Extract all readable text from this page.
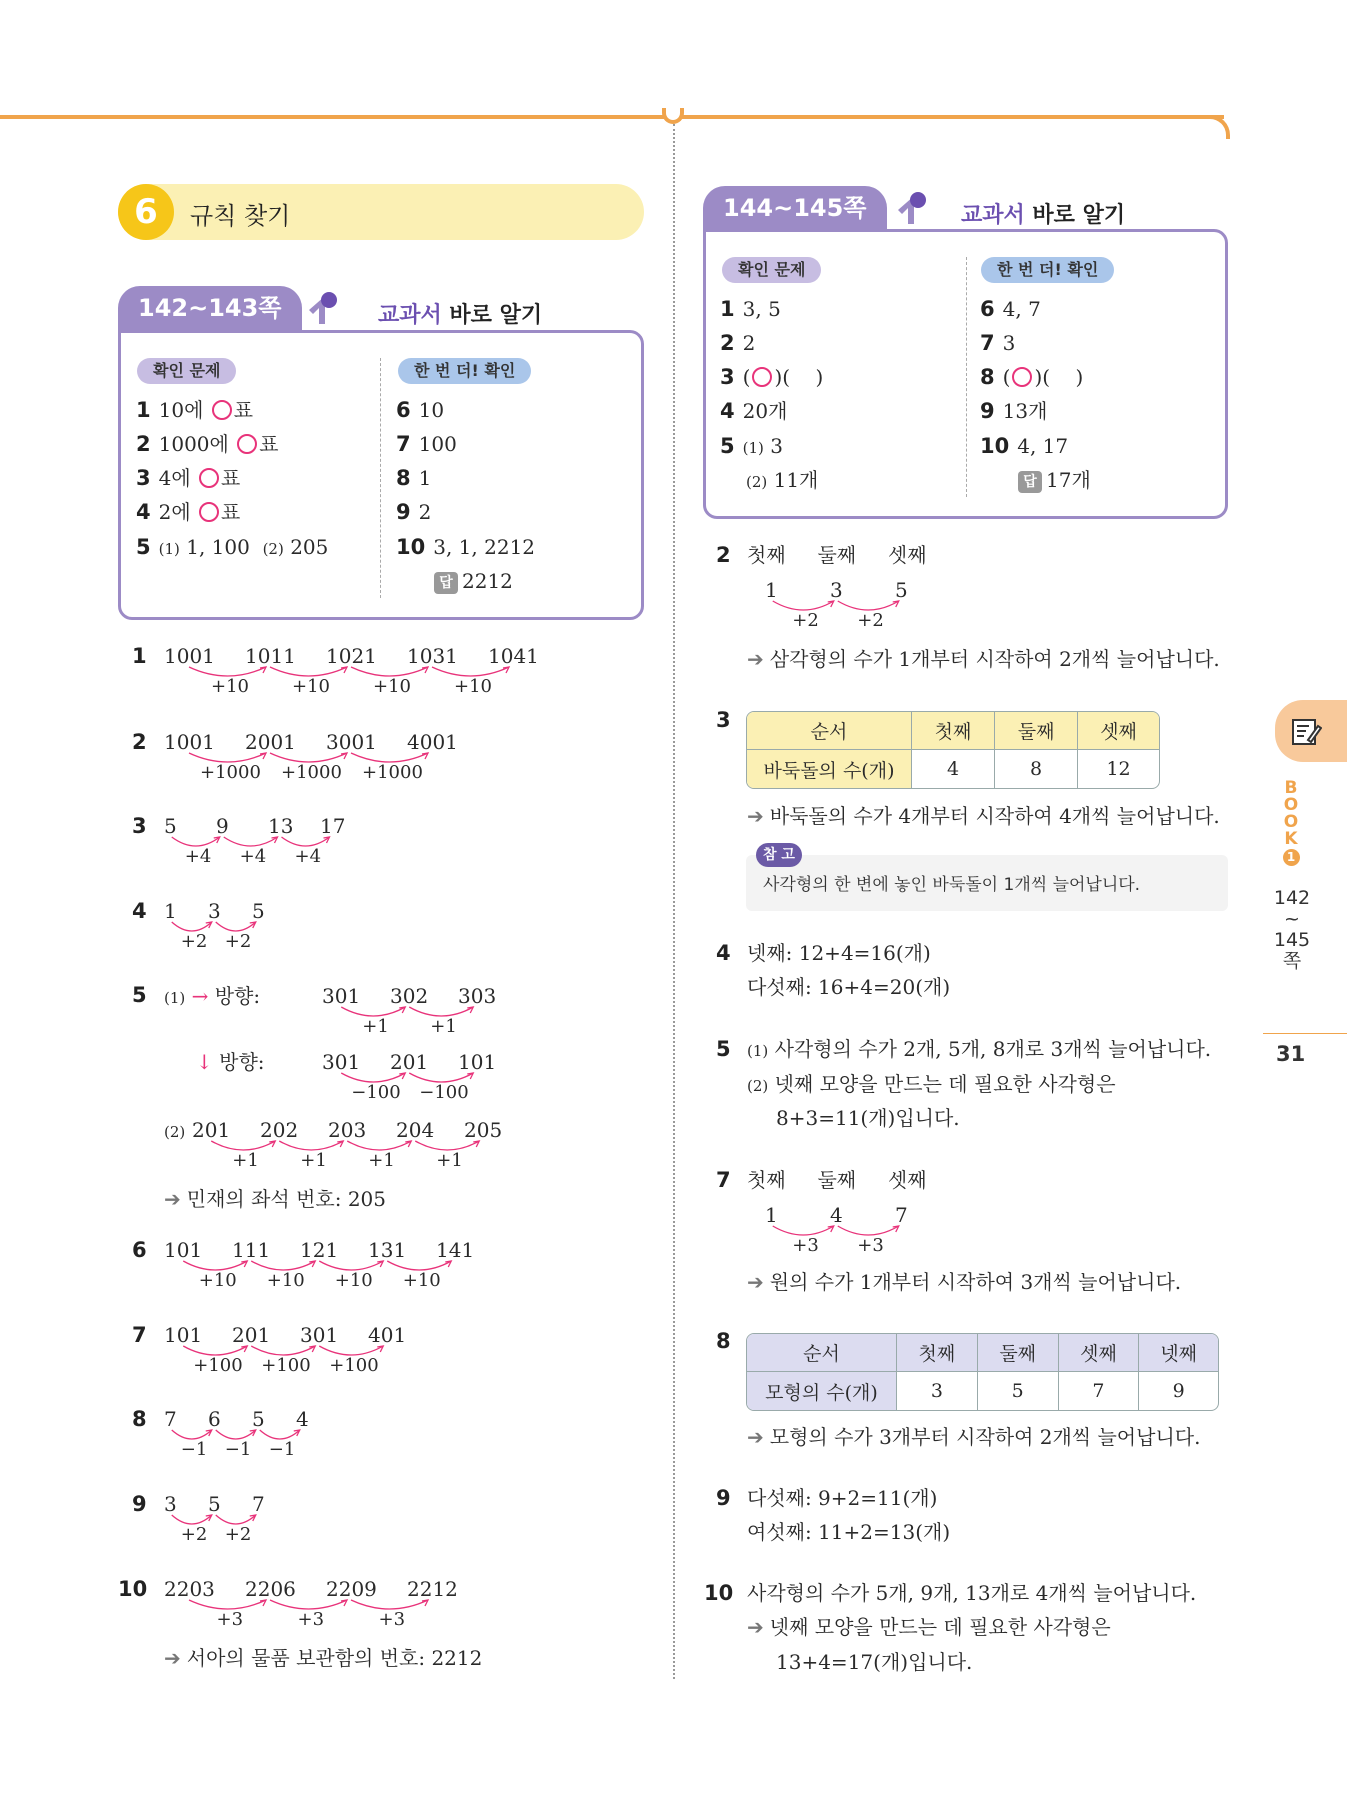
6	규칙 찾기
142~143쪽	교과서 바로 알기
확인 문제	한 번 더! 확인
1 10에 ○ 표
2 1000에 ○ 표
3 4에 ○ 표
4 2에 ○ 표
5 (1) 1, 100 (2) 205
6 10
7 100
8 1
9 2
10 3, 1, 2212
답 2212
5	(1) → 방향:
↓ 방향:
(2)
➔ 민재의 좌석 번호: 205
➔ 서아의 물품 보관함의 번호: 2212
144~145쪽	교과서 바로 알기
확인 문제	한 번 더! 확인
1 3, 5
2 2
3 ( ○ )( )
4 20개
5 (1) 3
(2) 11개
6 4, 7
7 3
8 ( ○ )( )
9 13개
10 4, 17
답 17개
2 첫째 둘째 셋째
➔ 삼각형의 수가 1개부터 시작하여 2개씩 늘어납니다.
3	순서	첫째	둘째	셋째
바둑돌의 수(개)	4	8	12
➔ 바둑돌의 수가 4개부터 시작하여 4개씩 늘어납니다.
참 고
사각형의 한 변에 놓인 바둑돌이 1개씩 늘어납니다.
4 넷째: 12+4=16(개)
다섯째: 16+4=20(개)
5	(1) 사각형의 수가 2개, 5개, 8개로 3개씩 늘어납니다.
(2) 넷째 모양을 만드는 데 필요한 사각형은
8+3=11(개)입니다.
7 첫째 둘째 셋째
➔ 원의 수가 1개부터 시작하여 3개씩 늘어납니다.
8
순서	첫째	둘째	셋째	넷째
모형의 수(개)	3	5	7	9
➔ 모형의 수가 3개부터 시작하여 2개씩 늘어납니다.
9 다섯째: 9+2=11(개)
여섯째: 11+2=13(개)
10 사각형의 수가 5개, 9개, 13개로 4개씩 늘어납니다.
➔ 넷째 모양을 만드는 데 필요한 사각형은
13+4=17(개)입니다.
B
O
O
K
1
142
~
145
쪽
31
1 1001 1011 1021 1031 1041
+10 +10 +10 +10
2 1001 2001 3001 4001
+1000 +1000 +1000
3 5 9 13 17
+4 +4 +4
4 1 3 5
+2 +2
6 101 111 121 131 141
+10 +10 +10 +10
7 101 201 301 401
+100 +100 +100
8 7 6 5 4
−1 −1 −1
9 3 5 7
+2 +2
10 2203 2206 2209 2212
+3	+3	+3
301 302 303
+1 +1
301 201 101
−100 −100
201 202 203 204 205
+1 +1 +1 +1
1	3	5
+2 +2
1	4	7
+3 +3
